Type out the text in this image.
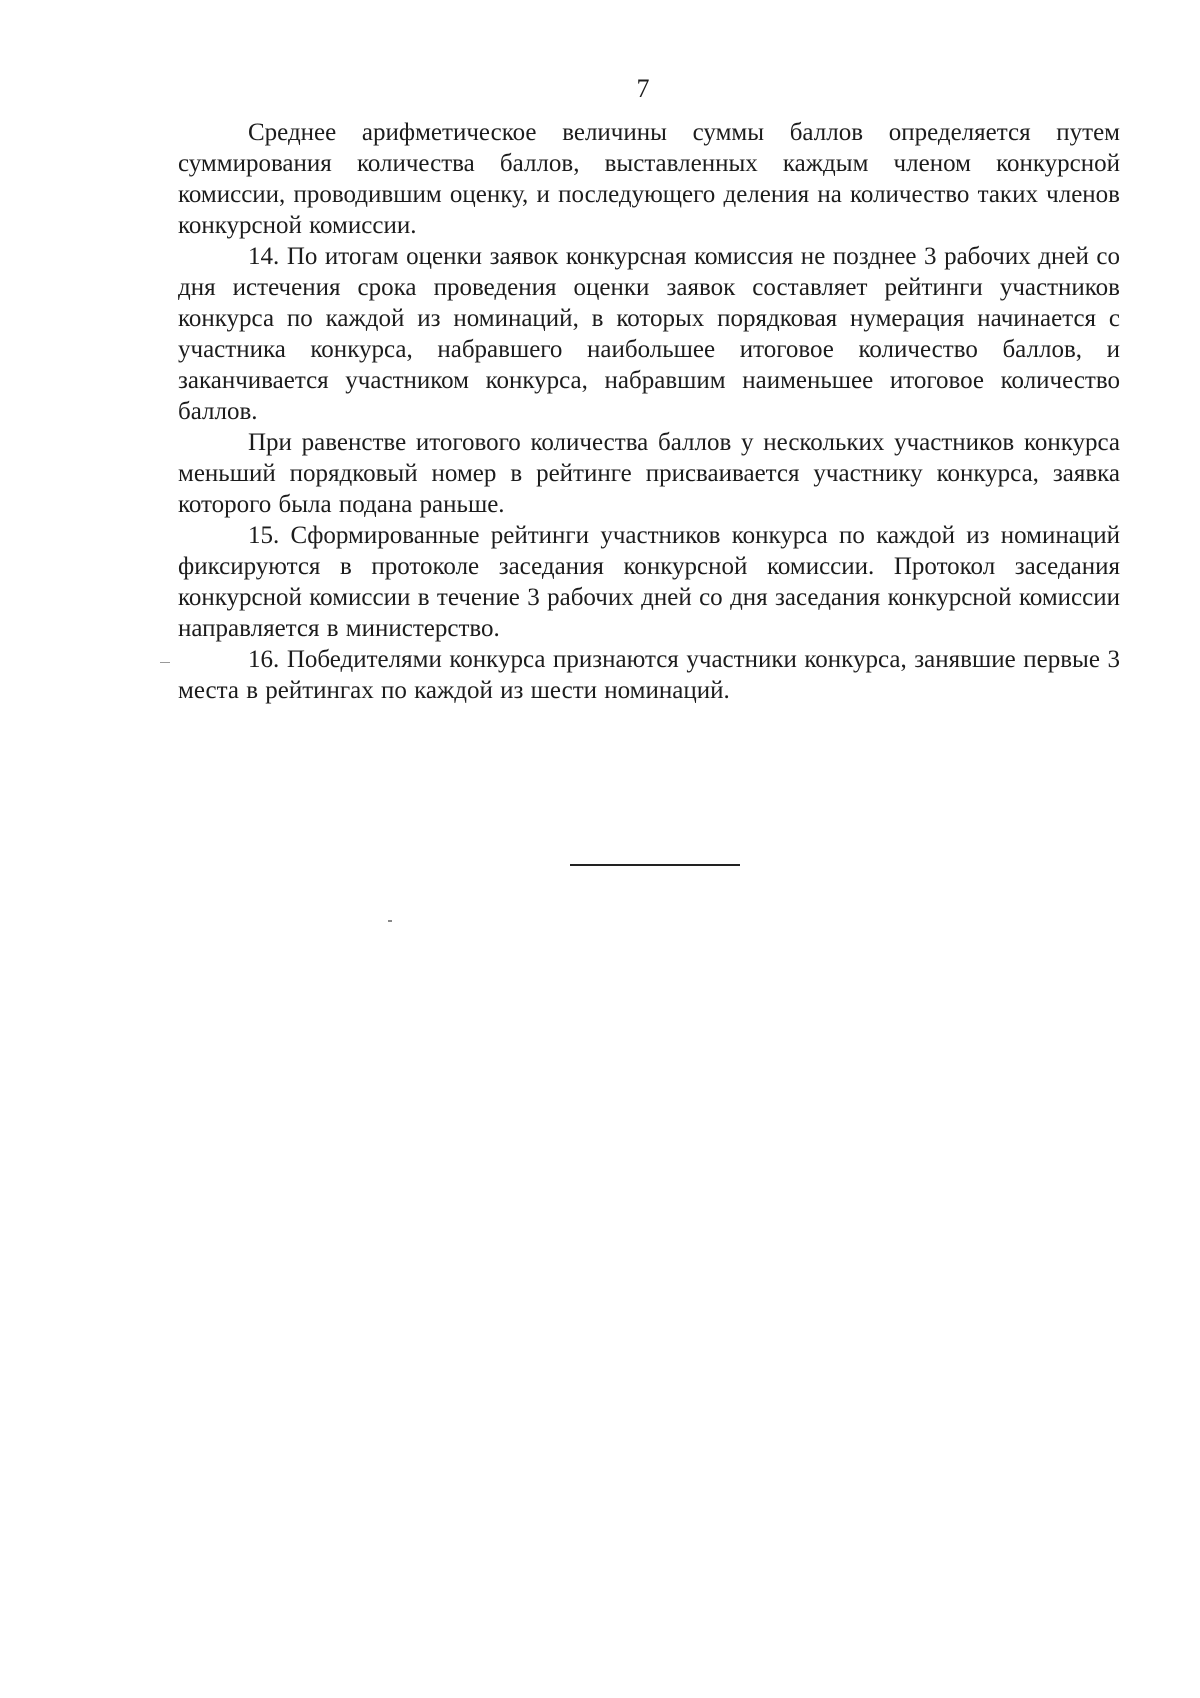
7

Среднее арифметическое величины суммы баллов определяется путем суммирования количества баллов, выставленных каждым членом конкурсной комиссии, проводившим оценку, и последующего деления на количество таких членов конкурсной комиссии.

14. По итогам оценки заявок конкурсная комиссия не позднее 3 рабочих дней со дня истечения срока проведения оценки заявок составляет рейтинги участников конкурса по каждой из номинаций, в которых порядковая нумерация начинается с участника конкурса, набравшего наибольшее итоговое количество баллов, и заканчивается участником конкурса, набравшим наименьшее итоговое количество баллов.

При равенстве итогового количества баллов у нескольких участников конкурса меньший порядковый номер в рейтинге присваивается участнику конкурса, заявка которого была подана раньше.

15. Сформированные рейтинги участников конкурса по каждой из номинаций фиксируются в протоколе заседания конкурсной комиссии. Протокол заседания конкурсной комиссии в течение 3 рабочих дней со дня заседания конкурсной комиссии направляется в министерство.

16. Победителями конкурса признаются участники конкурса, занявшие первые 3 места в рейтингах по каждой из шести номинаций.
